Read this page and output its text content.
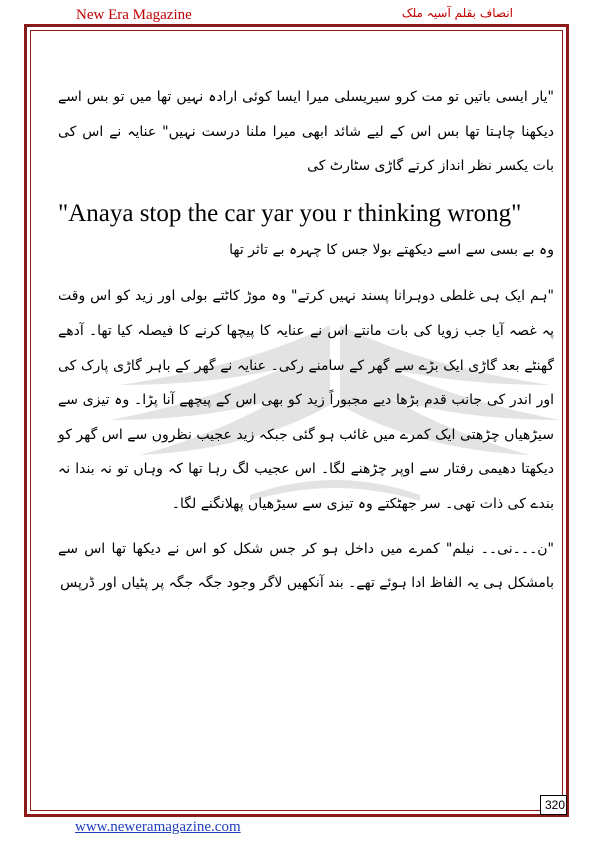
New Era Magazine	انصاف بقلم آسیہ ملک

"یار ایسی باتیں تو مت کرو سیریسلی میرا ایسا کوئی ارادہ نہیں تھا میں تو بس اسے دیکھنا چاہتا تھا بس اس کے لیے شائد ابھی میرا ملنا درست نہیں" عنایہ نے اس کی بات یکسر نظر انداز کرتے گاڑی سٹارٹ کی

"Anaya stop the car yar you r thinking wrong"

وہ بے بسی سے اسے دیکھتے بولا جس کا چہرہ بے تاثر تھا

"ہم ایک ہی غلطی دوہرانا پسند نہیں کرتے" وہ موڑ کاٹتے بولی اور زید کو اس وقت پہ غصہ آیا جب زویا کی بات مانتے اس نے عنایہ کا پیچھا کرنے کا فیصلہ کیا تھا۔ آدھے گھنٹے بعد گاڑی ایک بڑے سے گھر کے سامنے رکی۔ عنایہ نے گھر کے باہر گاڑی پارک کی اور اندر کی جانب قدم بڑھا دیے مجبوراً زید کو بھی اس کے پیچھے آنا پڑا۔ وہ تیزی سے سیڑھیاں چڑھتی ایک کمرے میں غائب ہو گئی جبکہ زید عجیب نظروں سے اس گھر کو دیکھتا دھیمی رفتار سے اوپر چڑھنے لگا۔ اس عجیب لگ رہا تھا کہ وہاں تو نہ بندا نہ بندے کی ذات تھی۔ سر جھٹکتے وہ تیزی سے سیڑھیاں پھلانگنے لگا۔

"ن۔۔۔نی۔۔ نیلم" کمرے میں داخل ہو کر جس شکل کو اس نے دیکھا تھا اس سے بامشکل ہی یہ الفاظ ادا ہوئے تھے۔ بند آنکھیں لاگر وجود جگہ جگہ پر پٹیاں اور ڈرپس

320
www.neweramagazine.com
